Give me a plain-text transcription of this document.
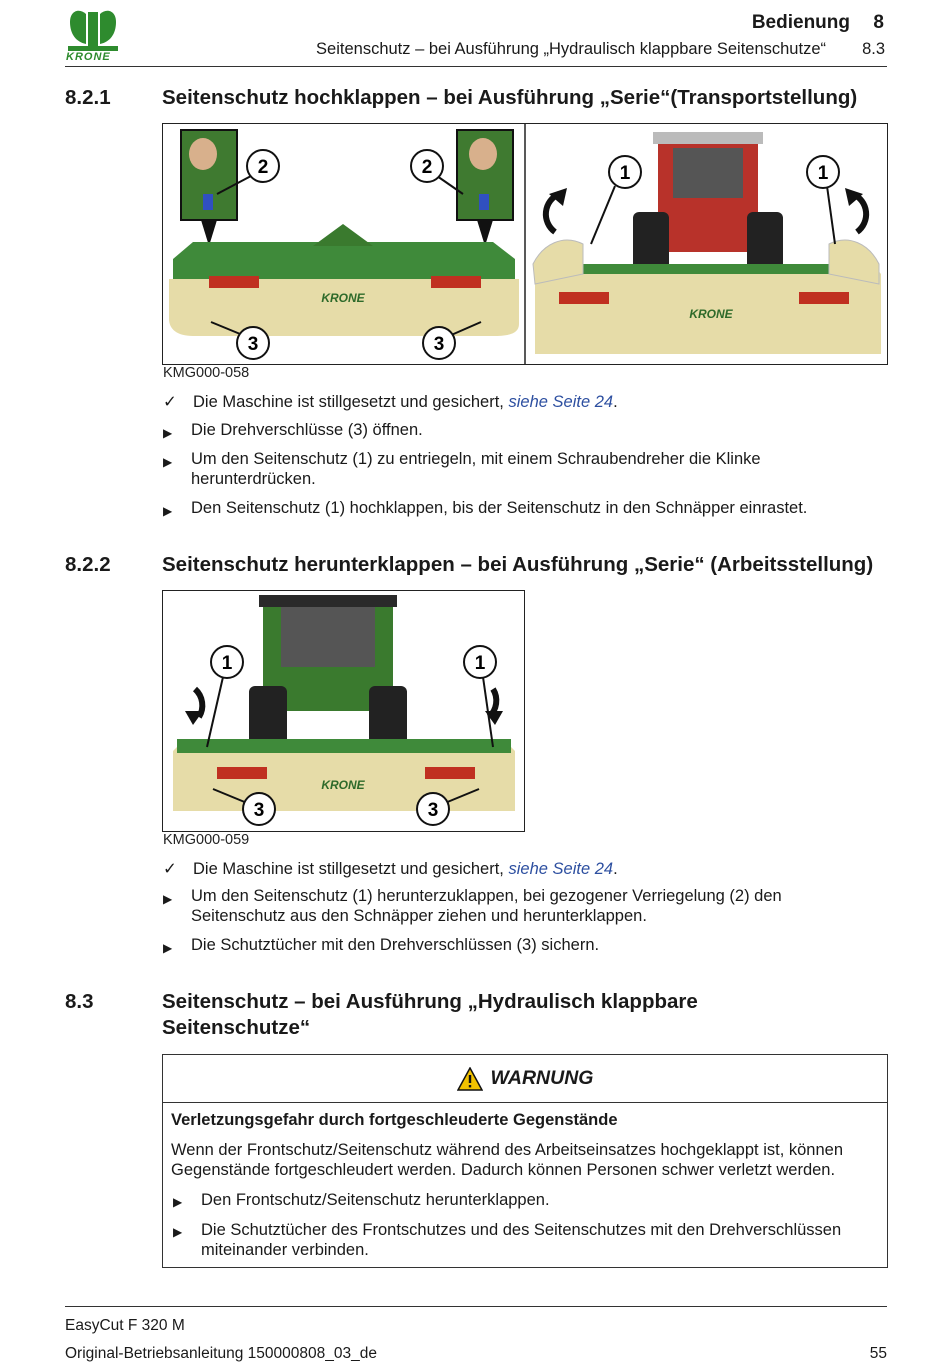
KRONE
Bedienung 8
Seitenschutz – bei Ausführung „Hydraulisch klappbare Seitenschutze“ 8.3
8.2.1	Seitenschutz hochklappen – bei Ausführung „Serie“(Transportstellung)
KRONE
2	2
3	3
KRONE
1	1
KMG000-058
✓ Die Maschine ist stillgesetzt und gesichert, siehe Seite 24.
▶	Die Drehverschlüsse (3) öffnen.
▶	Um den Seitenschutz (1) zu entriegeln, mit einem Schraubendreher die Klinke herunterdrücken.
▶	Den Seitenschutz (1) hochklappen, bis der Seitenschutz in den Schnäpper einrastet.
8.2.2	Seitenschutz herunterklappen – bei Ausführung „Serie“ (Arbeitsstellung)
KRONE
1	1
3	3
KMG000-059
✓ Die Maschine ist stillgesetzt und gesichert, siehe Seite 24.
▶	Um den Seitenschutz (1) herunterzuklappen, bei gezogener Verriegelung (2) den Seitenschutz aus den Schnäpper ziehen und herunterklappen.
▶	Die Schutztücher mit den Drehverschlüssen (3) sichern.
8.3	Seitenschutz – bei Ausführung „Hydraulisch klappbare
Seitenschutze“
WARNUNG
Verletzungsgefahr durch fortgeschleuderte Gegenstände
Wenn der Frontschutz/Seitenschutz während des Arbeitseinsatzes hochgeklappt ist, können Gegenstände fortgeschleudert werden. Dadurch können Personen schwer verletzt werden.
▶ Den Frontschutz/Seitenschutz herunterklappen.
▶ Die Schutztücher des Frontschutzes und des Seitenschutzes mit den Drehverschlüssen miteinander verbinden.
EasyCut F 320 M
Original-Betriebsanleitung 150000808_03_de	55
